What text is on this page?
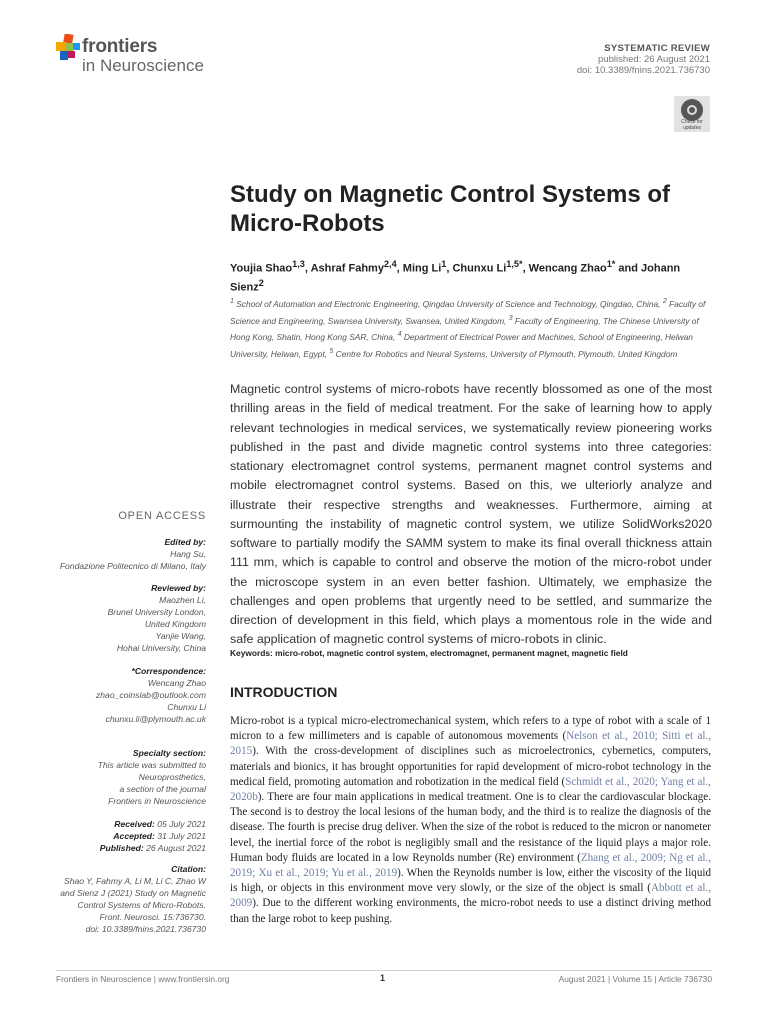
frontiers
in Neuroscience
SYSTEMATIC REVIEW
published: 26 August 2021
doi: 10.3389/fnins.2021.736730
Check for updates
Study on Magnetic Control Systems of Micro-Robots
Youjia Shao$^{1,3}$, Ashraf Fahmy$^{2,4}$, Ming Li$^1$, Chunxu $Li^{1,5*}$, Wencang Zhao$^{1*}$ and Johann Sienz$^2$
$^1$ School of Automation and Electronic Engineering, Qingdao University of Science and Technology, Qingdao, China, $^2$ Faculty of Science and Engineering, Swansea University, Swansea, United Kingdom, $^3$ Faculty of Engineering, The Chinese University of Hong Kong, Shatin, Hong Kong SAR, China, $^4$ Department of Electrical Power and Machines, School of Engineering, Helwan University, Helwan, Egypt, $^5$ Centre for Robotics and Neural Systems, University of Plymouth, Plymouth, United Kingdom
Magnetic control systems of micro-robots have recently blossomed as one of the most thrilling areas in the field of medical treatment. For the sake of learning how to apply relevant technologies in medical services, we systematically review pioneering works published in the past and divide magnetic control systems into three categories: stationary electromagnet control systems, permanent magnet control systems and mobile electromagnet control systems. Based on this, we ulteriorly analyze and illustrate their respective strengths and weaknesses. Furthermore, aiming at surmounting the instability of magnetic control system, we utilize SolidWorks2020 software to partially modify the SAMM system to make its final overall thickness attain 111 mm, which is capable to control and observe the motion of the micro-robot under the microscope system in an even better fashion. Ultimately, we emphasize the challenges and open problems that urgently need to be settled, and summarize the direction of development in this field, which plays a momentous role in the wide and safe application of magnetic control systems of micro-robots in clinic.
Keywords: micro-robot, magnetic control system, electromagnet, permanent magnet, magnetic field
INTRODUCTION
Micro-robot is a typical micro-electromechanical system, which refers to a type of robot with a scale of 1 micron to a few millimeters and is capable of autonomous movements (Nelson et al., 2010; Sitti et al., 2015). With the cross-development of disciplines such as microelectronics, cybernetics, computers, materials and bionics, it has brought opportunities for rapid development of micro-robot technology in the medical field, promoting automation and robotization in the medical field (Schmidt et al., 2020; Yang et al., 2020b). There are four main applications in medical treatment. One is to clear the cardiovascular blockage. The second is to destroy the local lesions of the human body, and the third is to realize the diagnosis of the disease. The fourth is precise drug deliver. When the size of the robot is reduced to the micron or nanometer level, the inertial force of the robot is negligibly small and the resistance of the liquid plays a major role. Human body fluids are located in a low Reynolds number (Re) environment (Zhang et al., 2009; Ng et al., 2019; Xu et al., 2019; Yu et al., 2019). When the Reynolds number is low, either the viscosity of the liquid is high, or objects in this environment move very slowly, or the size of the object is small (Abbott et al., 2009). Due to the different working environments, the micro-robot needs to use a distinct driving method than the large robot to keep pushing.
OPEN ACCESS
Edited by:
Hang Su,
Fondazione Politecnico di Milano, Italy
Reviewed by:
Maozhen Li,
Brunel University London,
United Kingdom
Yanjie Wang,
Hohai University, China
*Correspondence:
Wencang Zhao
zhao_coinslab@outlook.com
Chunxu Li
chunxu.li@plymouth.ac.uk
Specialty section:
This article was submitted to
Neuroprosthetics,
a section of the journal
Frontiers in Neuroscience
Received: 05 July 2021
Accepted: 31 July 2021
Published: 26 August 2021
Citation:
Shao Y, Fahmy A, Li M, Li C, Zhao W
and Sienz J (2021) Study on Magnetic
Control Systems of Micro-Robots.
Front. Neurosci. 15:736730.
doi: 10.3389/fnins.2021.736730
Frontiers in Neuroscience | www.frontiersin.org	1	August 2021 | Volume 15 | Article 736730
